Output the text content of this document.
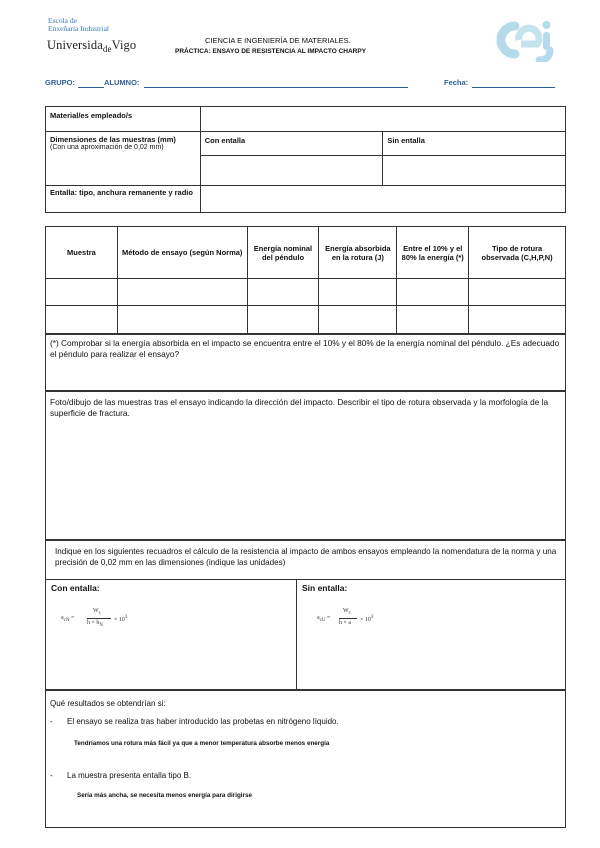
Escola de
Enxeñaría Industrial
Universida$_{de}$Vigo	CIENCIA E INGENIERÍA DE MATERIALES.
PRÁCTICA: ENSAYO DE RESISTENCIA AL IMPACTO CHARPY
GRUPO:	ALUMNO:	Fecha:
Material/es empleado/s		

Dimensiones de las muestras (mm)
(Con una aproximación de 0,02 mm)	Con entalla	Sin entalla

Entalla: tipo, anchura remanente y radio		
Muestra	Método de ensayo (según Norma)	Energía nominal del péndulo	Energía absorbida en la rotura (J)	Entre el 10% y el 80% la energía (*)	Tipo de rotura observada (C,H,P,N)

(*) Comprobar si la energía absorbida en el impacto se encuentra entre el 10% y el 80% de la energía nominal del péndulo. ¿Es adecuado el péndulo para realizar el ensayo?
Foto/dibujo de las muestras tras el ensayo indicando la dirección del impacto. Describir el tipo de rotura observada y la morfología de la superficie de fractura.
Indique en los siguientes recuadros el cálculo de la resistencia al impacto de ambos ensayos empleando la nomendatura de la norma y una precisión de 0,02 mm en las dimensiones (indique las unidades)
Con entalla:	Sin entalla:
$a_{cN}$ =
$W_c$
$h \times b_N$
× $10^3$	$a_{cU}$ =
$W_c$
$h \times a \times 10^3$
Qué resultados se obtendrían si:
- El ensayo se realiza tras haber introducido las probetas en nitrógeno líquido.
Tendríamos una rotura más fácil ya que a menor temperatura absorbe menos energía
- La muestra presenta entalla tipo B.
Sería más ancha, se necesita menos energía para dirigirse
